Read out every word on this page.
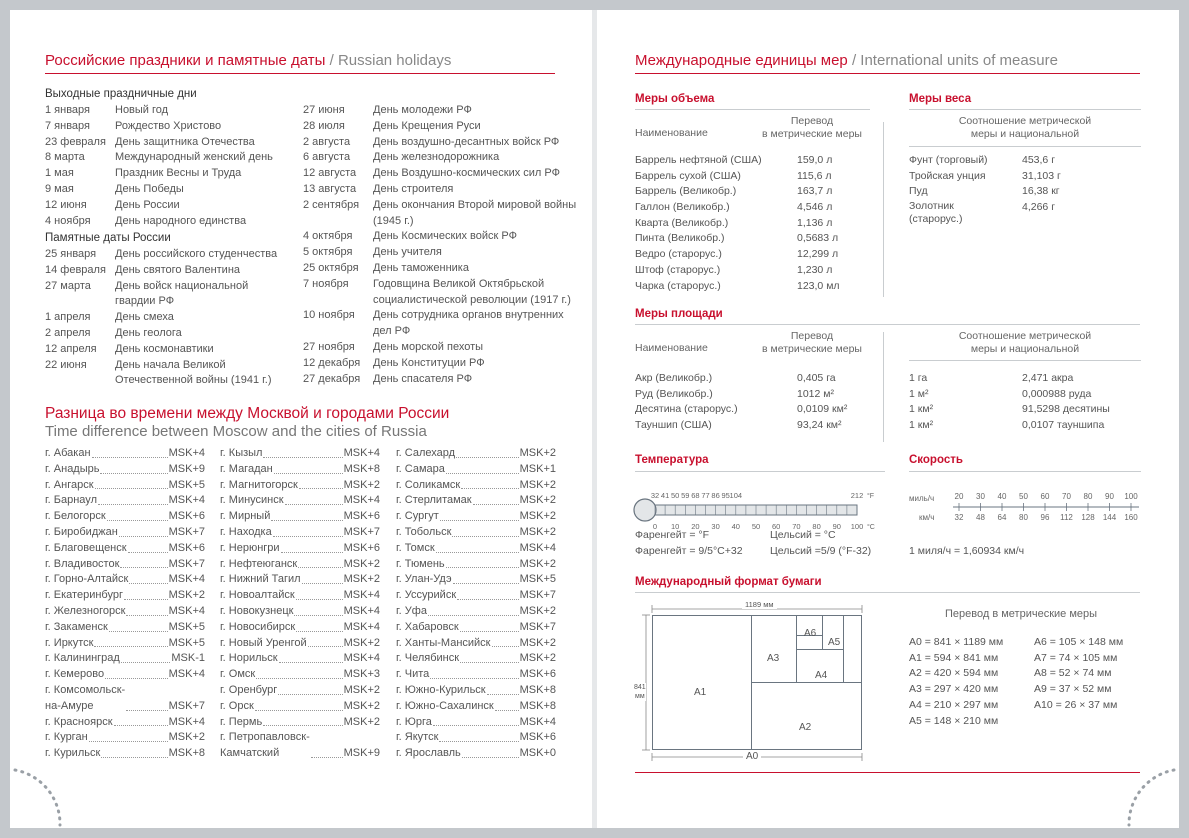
Российские праздники и памятные даты / Russian holidays
Выходные праздничные дни
1 января Новый год
7 января Рождество Христово
23 февраля День защитника Отечества
8 марта	Международный женский день
1 мая	Праздник Весны и Труда
9 мая	День Победы
12 июня	День России
4 ноября День народного единства
Памятные даты России
25 января День российского студенчества
14 февраля День святого Валентина
27 марта День войск национальной гвардии РФ
1 апреля День смеха
2 апреля День геолога
12 апреля День космонавтики
22 июня	День начала Великой Отечественной войны (1941 г.)
27 июня	День молодежи РФ
28 июля	День Крещения Руси
2 августа День воздушно-десантных войск РФ
6 августа День железнодорожника
12 августа День Воздушно-космических сил РФ
13 августа День строителя
2 сентября День окончания Второй мировой войны (1945 г.)
4 октября День Космических войск РФ
5 октября День учителя
25 октября День таможенника
7 ноября Годовщина Великой Октябрьской социалистической революции (1917 г.)
10 ноября День сотрудника органов внутренних дел РФ
27 ноября День морской пехоты
12 декабря День Конституции РФ
27 декабря День спасателя РФ
Разница во времени между Москвой и городами России
Time difference between Moscow and the cities of Russia
г. Абакан	MSK+4
г. Анадырь	MSK+9
г. Ангарск	MSK+5
г. Барнаул	MSK+4
г. Белогорск	MSK+6
г. Биробиджан	MSK+7
г. Благовещенск	MSK+6
г. Владивосток	MSK+7
г. Горно-Алтайск	MSK+4
г. Екатеринбург	MSK+2
г. Железногорск	MSK+4
г. Закаменск	MSK+5
г. Иркутск	MSK+5
г. Калининград	MSK-1
г. Кемерово	MSK+4
г. Комсомольск-
на-Амуре	MSK+7
г. Красноярск	MSK+4
г. Курган	MSK+2
г. Курильск	MSK+8
г. Кызыл	MSK+4
г. Магадан	MSK+8
г. Магнитогорск	MSK+2
г. Минусинск	MSK+4
г. Мирный	MSK+6
г. Находка	MSK+7
г. Нерюнгри	MSK+6
г. Нефтеюганск	MSK+2
г. Нижний Тагил	MSK+2
г. Новоалтайск	MSK+4
г. Новокузнецк	MSK+4
г. Новосибирск	MSK+4
г. Новый Уренгой	MSK+2
г. Норильск	MSK+4
г. Омск	MSK+3
г. Оренбург	MSK+2
г. Орск	MSK+2
г. Пермь	MSK+2
г. Петропавловск-
Камчатский	MSK+9
г. Салехард	MSK+2
г. Самара	MSK+1
г. Соликамск	MSK+2
г. Стерлитамак	MSK+2
г. Сургут	MSK+2
г. Тобольск	MSK+2
г. Томск	MSK+4
г. Тюмень	MSK+2
г. Улан-Удэ	MSK+5
г. Уссурийск	MSK+7
г. Уфа	MSK+2
г. Хабаровск	MSK+7
г. Ханты-Мансийск	MSK+2
г. Челябинск	MSK+2
г. Чита	MSK+6
г. Южно-Курильск	MSK+8
г. Южно-Сахалинск MSK+8
г. Юрга	MSK+4
г. Якутск	MSK+6
г. Ярославль	MSK+0
Международные единицы мер / International units of measure
Меры объема
Наименование
Перевод
в метрические меры
Баррель нефтяной (США)	159,0 л
Баррель сухой (США)	115,6 л
Баррель (Великобр.)	163,7 л
Галлон (Великобр.)	4,546 л
Кварта (Великобр.)	1,136 л
Пинта (Великобр.)	0,5683 л
Ведро (старорус.)	12,299 л
Штоф (старорус.)	1,230 л
Чарка (старорус.)	123,0 мл
Меры веса
Соотношение метрической
меры и национальной
Фунт (торговый)	453,6 г
Тройская унция	31,103 г
Пуд	16,38 кг
Золотник
(старорус.)
4,266 г
Меры площади
Наименование
Перевод
в метрические меры
Акр (Великобр.)	0,405 га
Руд (Великобр.)	1012 м²
Десятина (старорус.)	0,0109 км²
Тауншип (США)	93,24 км²
Соотношение метрической
меры и национальной
1 га	2,471 акра
1 м²	0,000988 руда
1 км²	91,5298 десятины
1 км²	0,0107 тауншипа
Температура
0 10 20 30 40 50 60 70 80 90 100
32 41 50 59 68 77 86 95 104	212 °F
°C
Фаренгейт = °F	Цельсий = °C
Фаренгейт = 9/5°C+32	Цельсий =5/9 (°F-32)
Скорость
миль/ч
км/ч
20
32
30
48
40
64
50
80
60
96
70
112
80
128
90
144
100
160
1 миля/ч = 1,60934 км/ч
Международный формат бумаги
1189 мм
841
мм
A0
A1
A2
A3
A4
A5
A6
Перевод в метрические меры
A0 = 841 × 1189 мм
A1 = 594 × 841 мм
A2 = 420 × 594 мм
A3 = 297 × 420 мм
A4 = 210 × 297 мм
A5 = 148 × 210 мм
A6 = 105 × 148 мм
A7 = 74 × 105 мм
A8 = 52 × 74 мм
A9 = 37 × 52 мм
A10 = 26 × 37 мм
